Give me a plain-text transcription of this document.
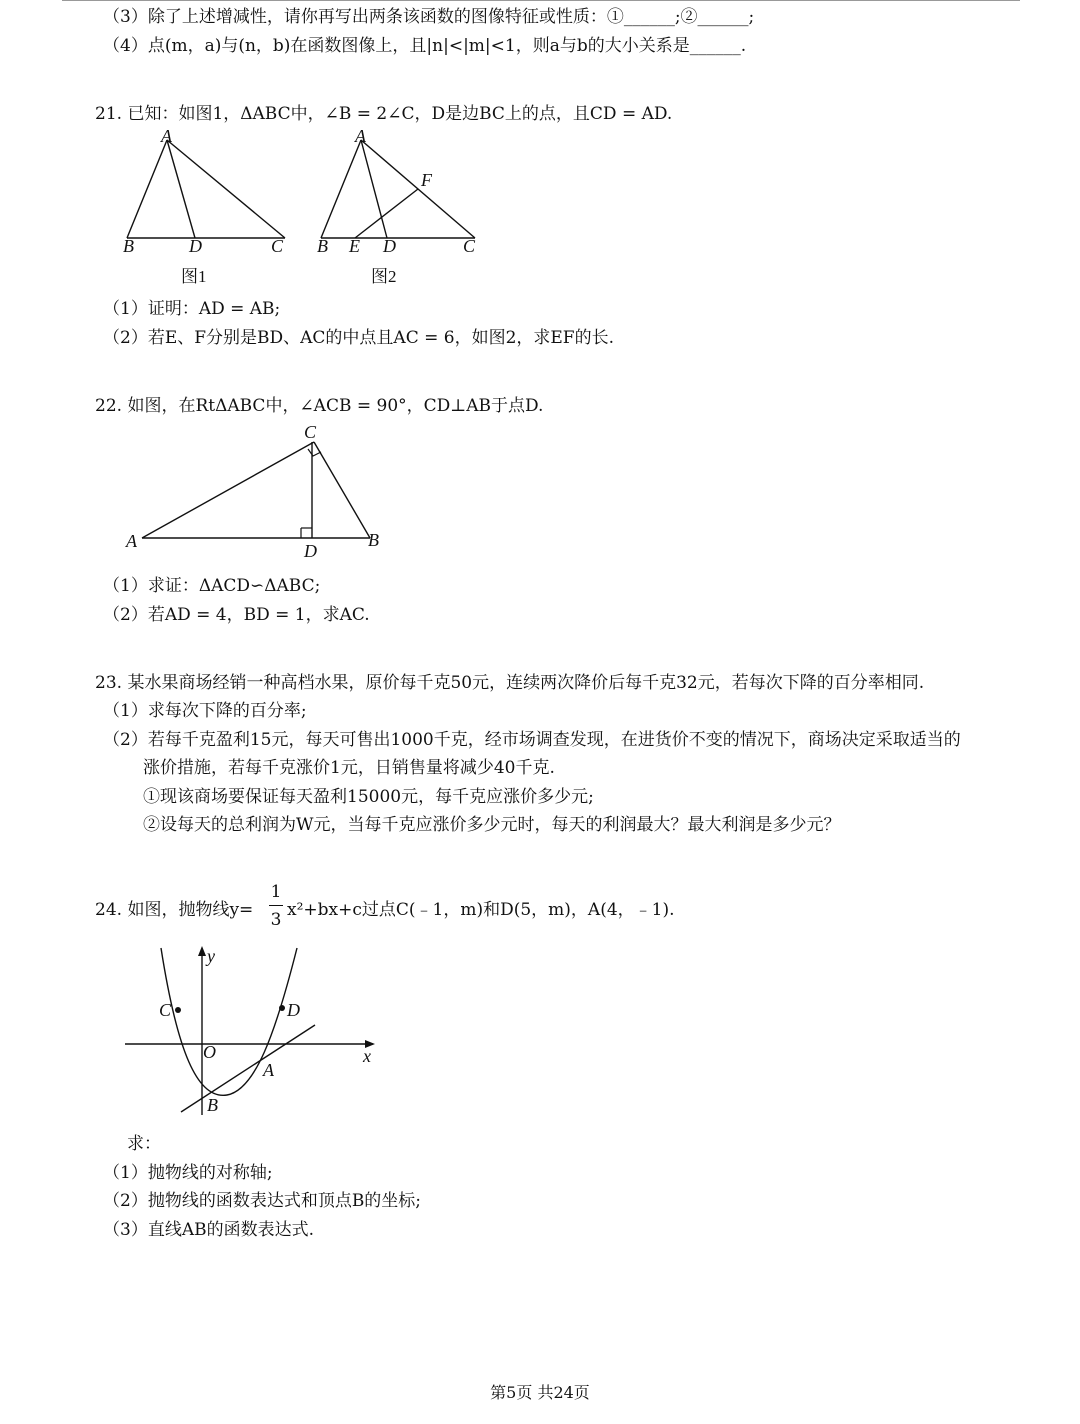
（3）除了上述增减性，请你再写出两条该函数的图像特征或性质：①______;②______;
（4）点(m，a)与(n，b)在函数图像上，且|n|<|m|<1，则a与b的大小关系是______.
21. 已知：如图1，ΔABC中，∠B = 2∠C，D是边BC上的点，且CD = AD.
A
B	D	C
图1
A
F
B E D	C
图2
（1）证明：AD = AB;
（2）若E、F分别是BD、AC的中点且AC = 6，如图2，求EF的长.
22. 如图，在RtΔABC中，∠ACB = 90°，CD⊥AB于点D.
C
A	D
B
（1）求证：ΔACD∽ΔABC;
（2）若AD = 4，BD = 1，求AC.
23. 某水果商场经销一种高档水果，原价每千克50元，连续两次降价后每千克32元，若每次下降的百分率相同.
（1）求每次下降的百分率;
（2）若每千克盈利15元，每天可售出1000千克，经市场调查发现，在进货价不变的情况下，商场决定采取适当的
涨价措施，若每千克涨价1元，日销售量将减少40千克.
①现该商场要保证每天盈利15000元，每千克应涨价多少元;
②设每天的总利润为W元，当每千克应涨价多少元时，每天的利润最大？最大利润是多少元？
24. 如图，抛物线y=
1
3 x²+bx+c过点C(﹣1，m)和D(5，m)，A(4，﹣1).
y
C	D
O	x
A
B
求：
（1）抛物线的对称轴;
（2）抛物线的函数表达式和顶点B的坐标;
（3）直线AB的函数表达式.
第5页 共24页
